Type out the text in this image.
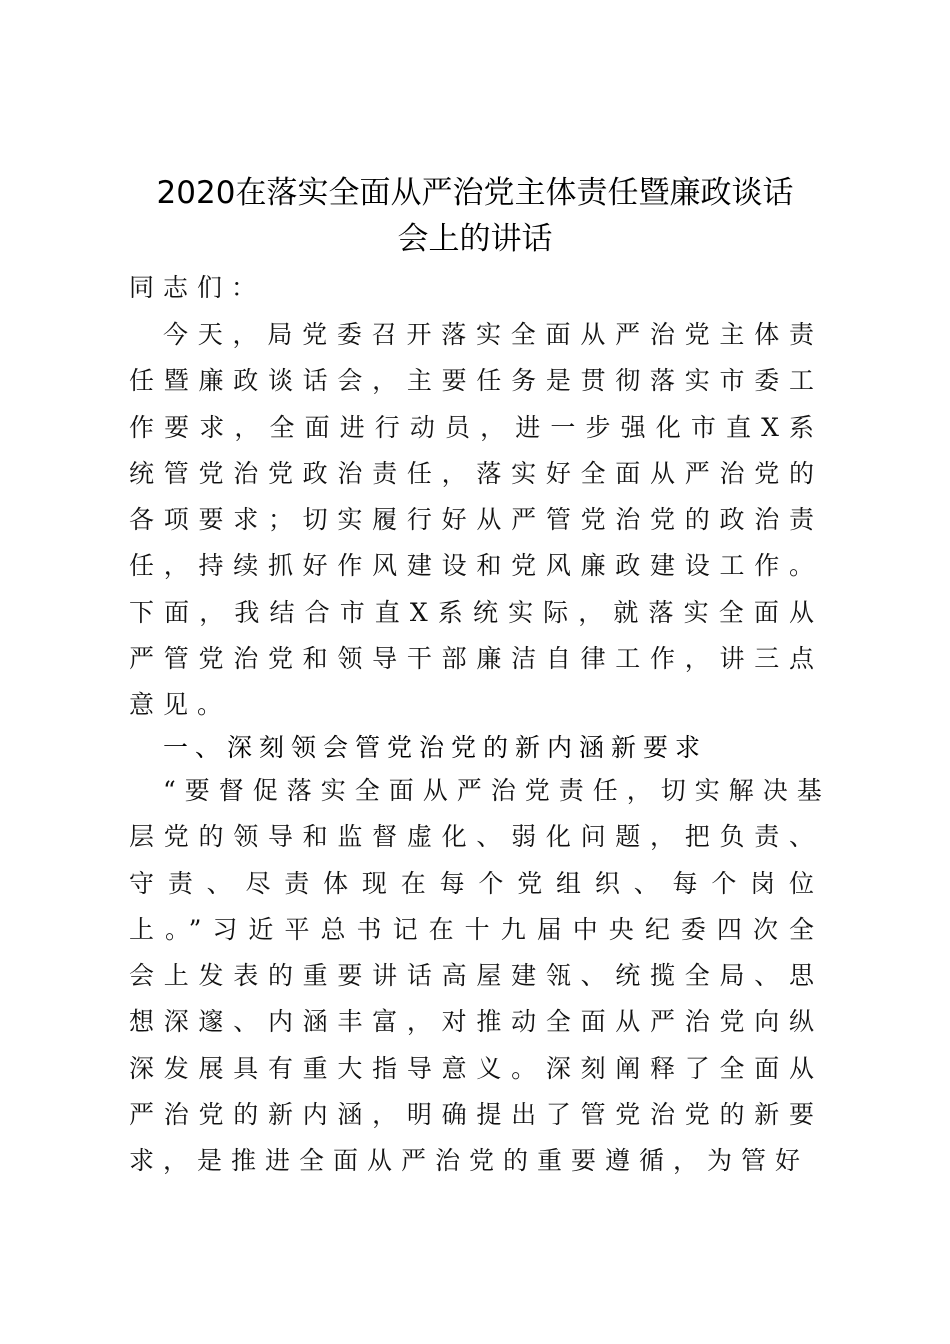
2020在落实全面从严治党主体责任暨廉政谈话
会上的讲话

同志们：

今天，局党委召开落实全面从严治党主体责
任暨廉政谈话会，主要任务是贯彻落实市委工
作要求，全面进行动员，进一步强化市直X系
统管党治党政治责任，落实好全面从严治党的
各项要求；切实履行好从严管党治党的政治责
任，持续抓好作风建设和党风廉政建设工作。
下面，我结合市直X系统实际，就落实全面从
严管党治党和领导干部廉洁自律工作，讲三点
意见。

一、深刻领会管党治党的新内涵新要求

“要督促落实全面从严治党责任，切实解决基
层党的领导和监督虚化、弱化问题，把负责、
守责、尽责体现在每个党组织、每个岗位
上。”习近平总书记在十九届中央纪委四次全
会上发表的重要讲话高屋建瓴、统揽全局、思
想深邃、内涵丰富，对推动全面从严治党向纵
深发展具有重大指导意义。深刻阐释了全面从
严治党的新内涵，明确提出了管党治党的新要
求，是推进全面从严治党的重要遵循，为管好
